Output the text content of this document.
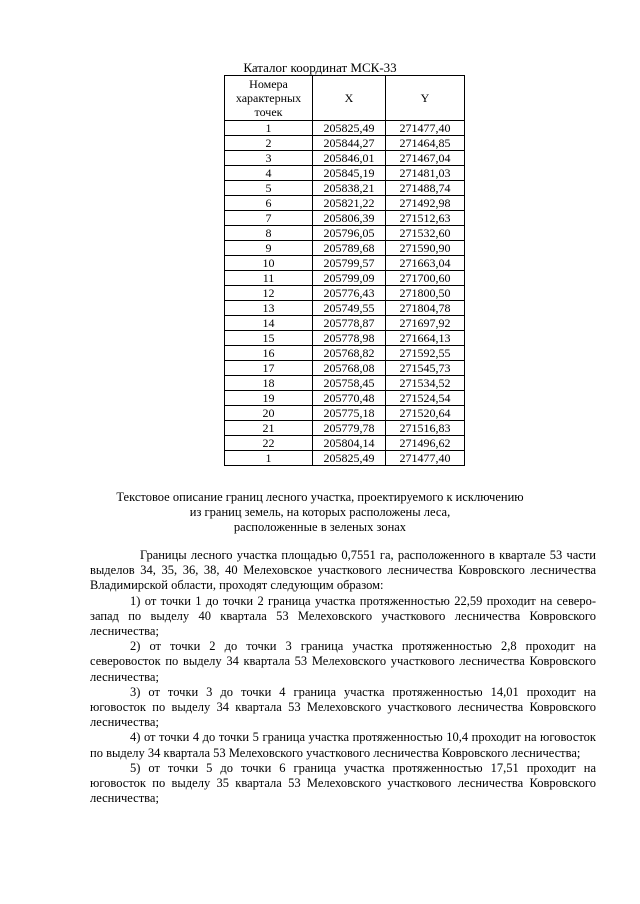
Каталог координат МСК-33
Номера характерных точек	X	Y
1	205825,49	271477,40
2	205844,27	271464,85
3	205846,01	271467,04
4	205845,19	271481,03
5	205838,21	271488,74
6	205821,22	271492,98
7	205806,39	271512,63
8	205796,05	271532,60
9	205789,68	271590,90
10	205799,57	271663,04
11	205799,09	271700,60
12	205776,43	271800,50
13	205749,55	271804,78
14	205778,87	271697,92
15	205778,98	271664,13
16	205768,82	271592,55
17	205768,08	271545,73
18	205758,45	271534,52
19	205770,48	271524,54
20	205775,18	271520,64
21	205779,78	271516,83
22	205804,14	271496,62
1	205825,49	271477,40
Текстовое описание границ лесного участка, проектируемого к исключению
из границ земель, на которых расположены леса,
расположенные в зеленых зонах

Границы лесного участка площадью 0,7551 га, расположенного в квартале 53 части выделов 34, 35, 36, 38, 40 Мелеховское участкового лесничества Ковровского лесничества Владимирской области, проходят следующим образом:

1) от точки 1 до точки 2 граница участка протяженностью 22,59 проходит на северо-запад по выделу 40 квартала 53 Мелеховского участкового лесничества Ковровского лесничества;

2) от точки 2 до точки 3 граница участка протяженностью 2,8 проходит на северовосток по выделу 34 квартала 53 Мелеховского участкового лесничества Ковровского лесничества;

3) от точки 3 до точки 4 граница участка протяженностью 14,01 проходит на юговосток по выделу 34 квартала 53 Мелеховского участкового лесничества Ковровского лесничества;

4) от точки 4 до точки 5 граница участка протяженностью 10,4 проходит на юговосток по выделу 34 квартала 53 Мелеховского участкового лесничества Ковровского лесничества;

5) от точки 5 до точки 6 граница участка протяженностью 17,51 проходит на юговосток по выделу 35 квартала 53 Мелеховского участкового лесничества Ковровского лесничества;
